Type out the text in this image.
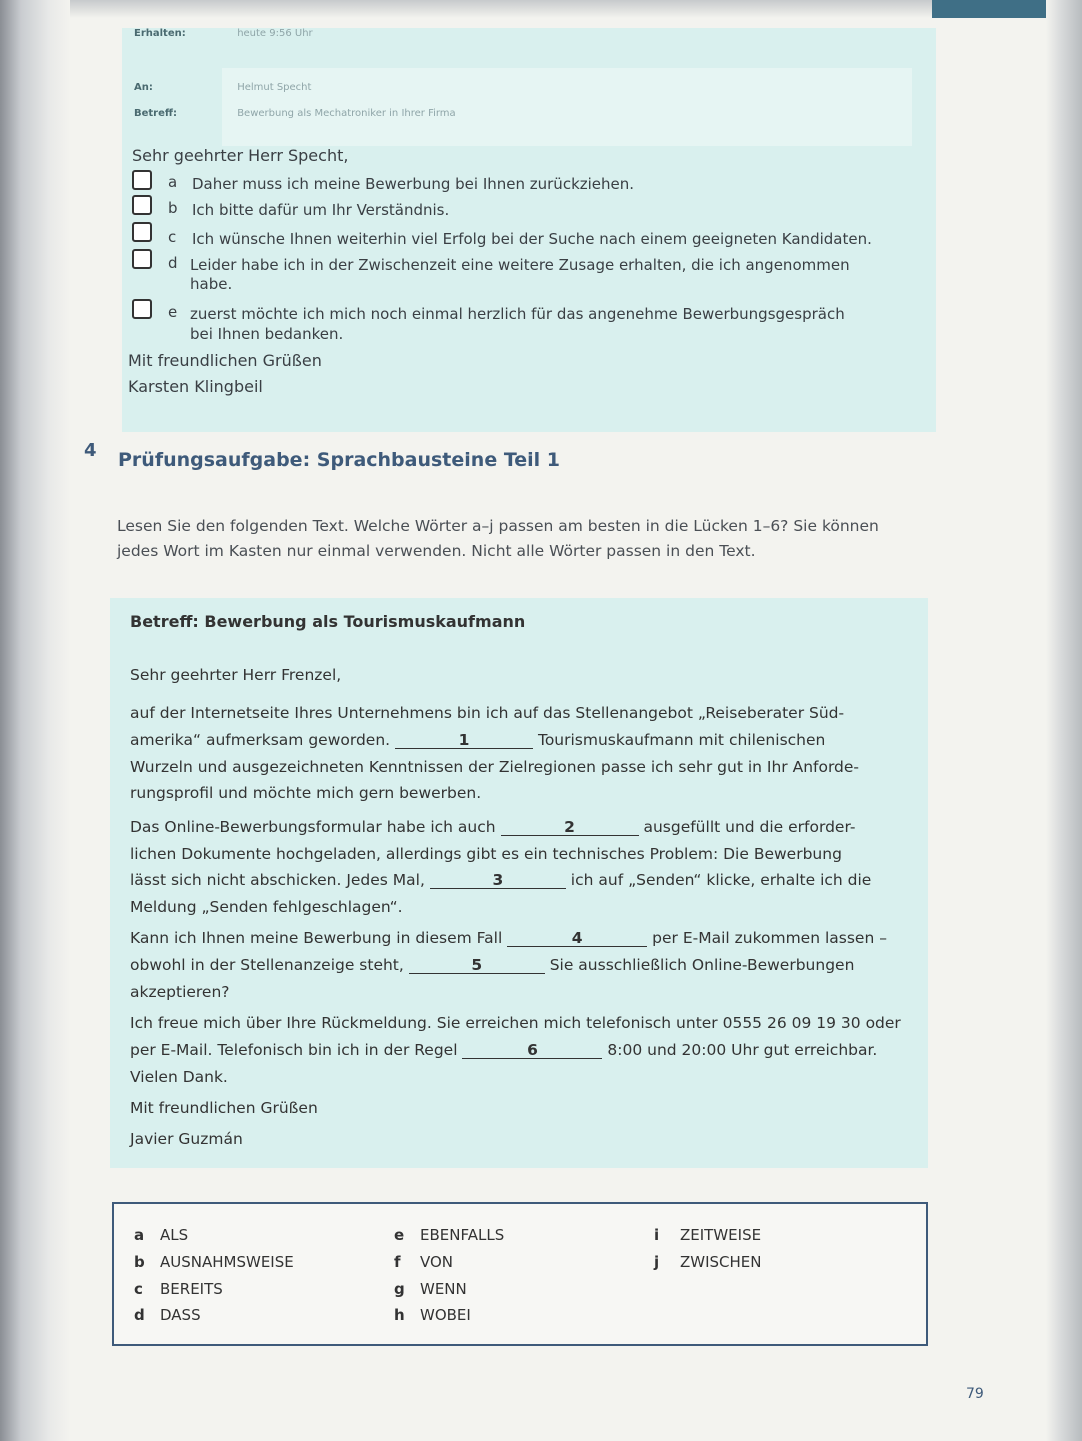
Erhalten:	heute 9:56 Uhr
An:	Helmut Specht
Betreff:	Bewerbung als Mechatroniker in Ihrer Firma
Sehr geehrter Herr Specht,
a Daher muss ich meine Bewerbung bei Ihnen zurückziehen.
b Ich bitte dafür um Ihr Verständnis.
c Ich wünsche Ihnen weiterhin viel Erfolg bei der Suche nach einem geeigneten Kandidaten.
d Leider habe ich in der Zwischenzeit eine weitere Zusage erhalten, die ich angenommen
habe.
e zuerst möchte ich mich noch einmal herzlich für das angenehme Bewerbungsgespräch
bei Ihnen bedanken.
Mit freundlichen Grüßen
Karsten Klingbeil
4 Prüfungsaufgabe: Sprachbausteine Teil 1
Lesen Sie den folgenden Text. Welche Wörter a–j passen am besten in die Lücken 1–6? Sie können
jedes Wort im Kasten nur einmal verwenden. Nicht alle Wörter passen in den Text.
Betreff: Bewerbung als Tourismuskaufmann
Sehr geehrter Herr Frenzel,
auf der Internetseite Ihres Unternehmens bin ich auf das Stellenangebot „Reiseberater Süd-
amerika“ aufmerksam geworden.	1	Tourismuskaufmann mit chilenischen
Wurzeln und ausgezeichneten Kenntnissen der Zielregionen passe ich sehr gut in Ihr Anforde-
rungsprofil und möchte mich gern bewerben.
Das Online-Bewerbungsformular habe ich auch	2	ausgefüllt und die erforder-
lichen Dokumente hochgeladen, allerdings gibt es ein technisches Problem: Die Bewerbung
lässt sich nicht abschicken. Jedes Mal,	3	ich auf „Senden“ klicke, erhalte ich die
Meldung „Senden fehlgeschlagen“.
Kann ich Ihnen meine Bewerbung in diesem Fall	4	per E-Mail zukommen lassen –
obwohl in der Stellenanzeige steht,	5	Sie ausschließlich Online-Bewerbungen
akzeptieren?
Ich freue mich über Ihre Rückmeldung. Sie erreichen mich telefonisch unter 0555 26 09 19 30 oder
per E-Mail. Telefonisch bin ich in der Regel	6	8:00 und 20:00 Uhr gut erreichbar.
Vielen Dank.
Mit freundlichen Grüßen
Javier Guzmán
a ALS
b AUSNAHMSWEISE
c BEREITS
d DASS
e EBENFALLS
f VON
g WENN
h WOBEI
i ZEITWEISE
j ZWISCHEN
79
